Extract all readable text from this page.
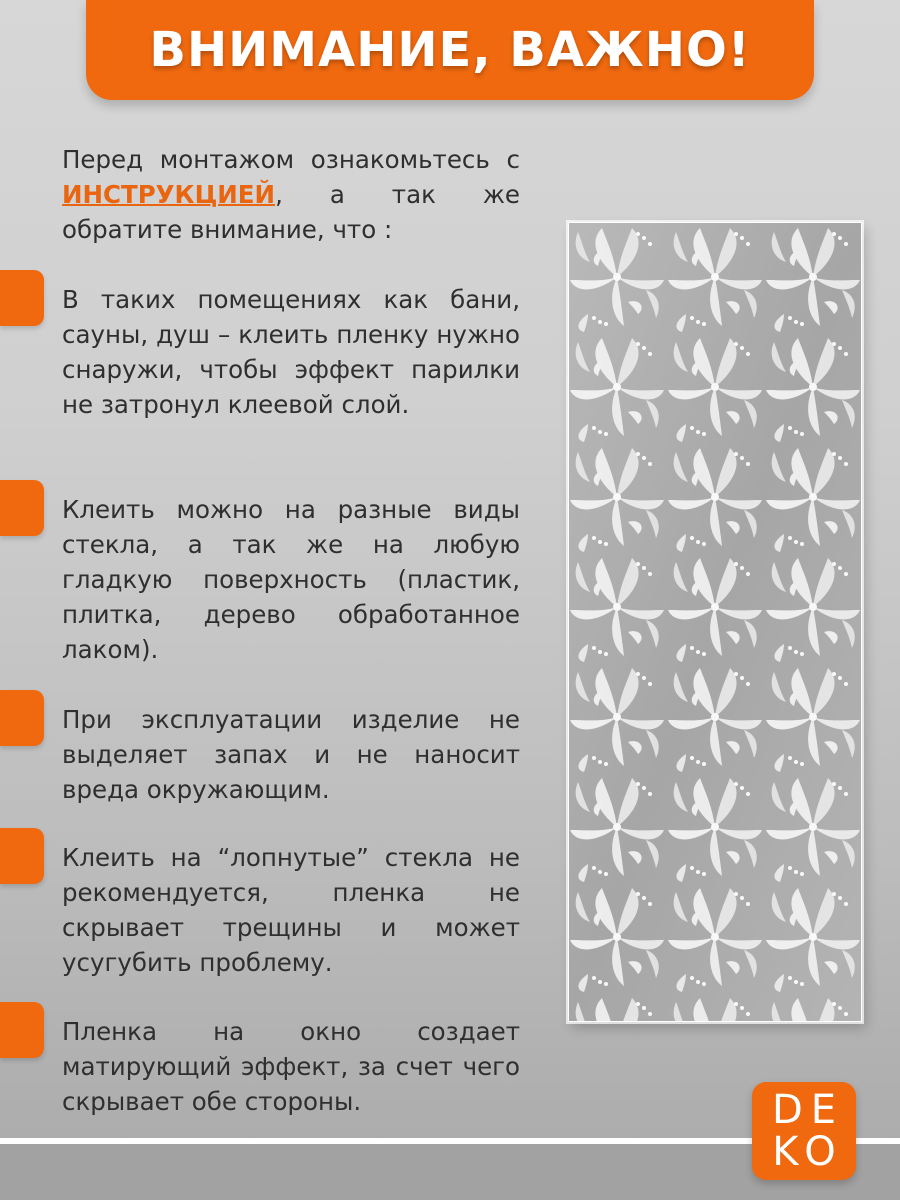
ВНИМАНИЕ, ВАЖНО!
Перед монтажом ознакомьтесь с ИНСТРУКЦИЕЙ, а так же обратите внимание, что :
В таких помещениях как бани, сауны, душ – клеить пленку нужно снаружи, чтобы эффект парилки не затронул клеевой слой.
Клеить можно на разные виды стекла, а так же на любую гладкую поверхность (пластик, плитка, дерево обработанное лаком).
При эксплуатации изделие не выделяет запах и не наносит вреда окружающим.
Клеить на “лопнутые” стекла не рекомендуется, пленка не скрывает трещины и может усугубить проблему.
Пленка на окно создает матирующий эффект, за счет чего скрывает обе стороны.	DE
KO
